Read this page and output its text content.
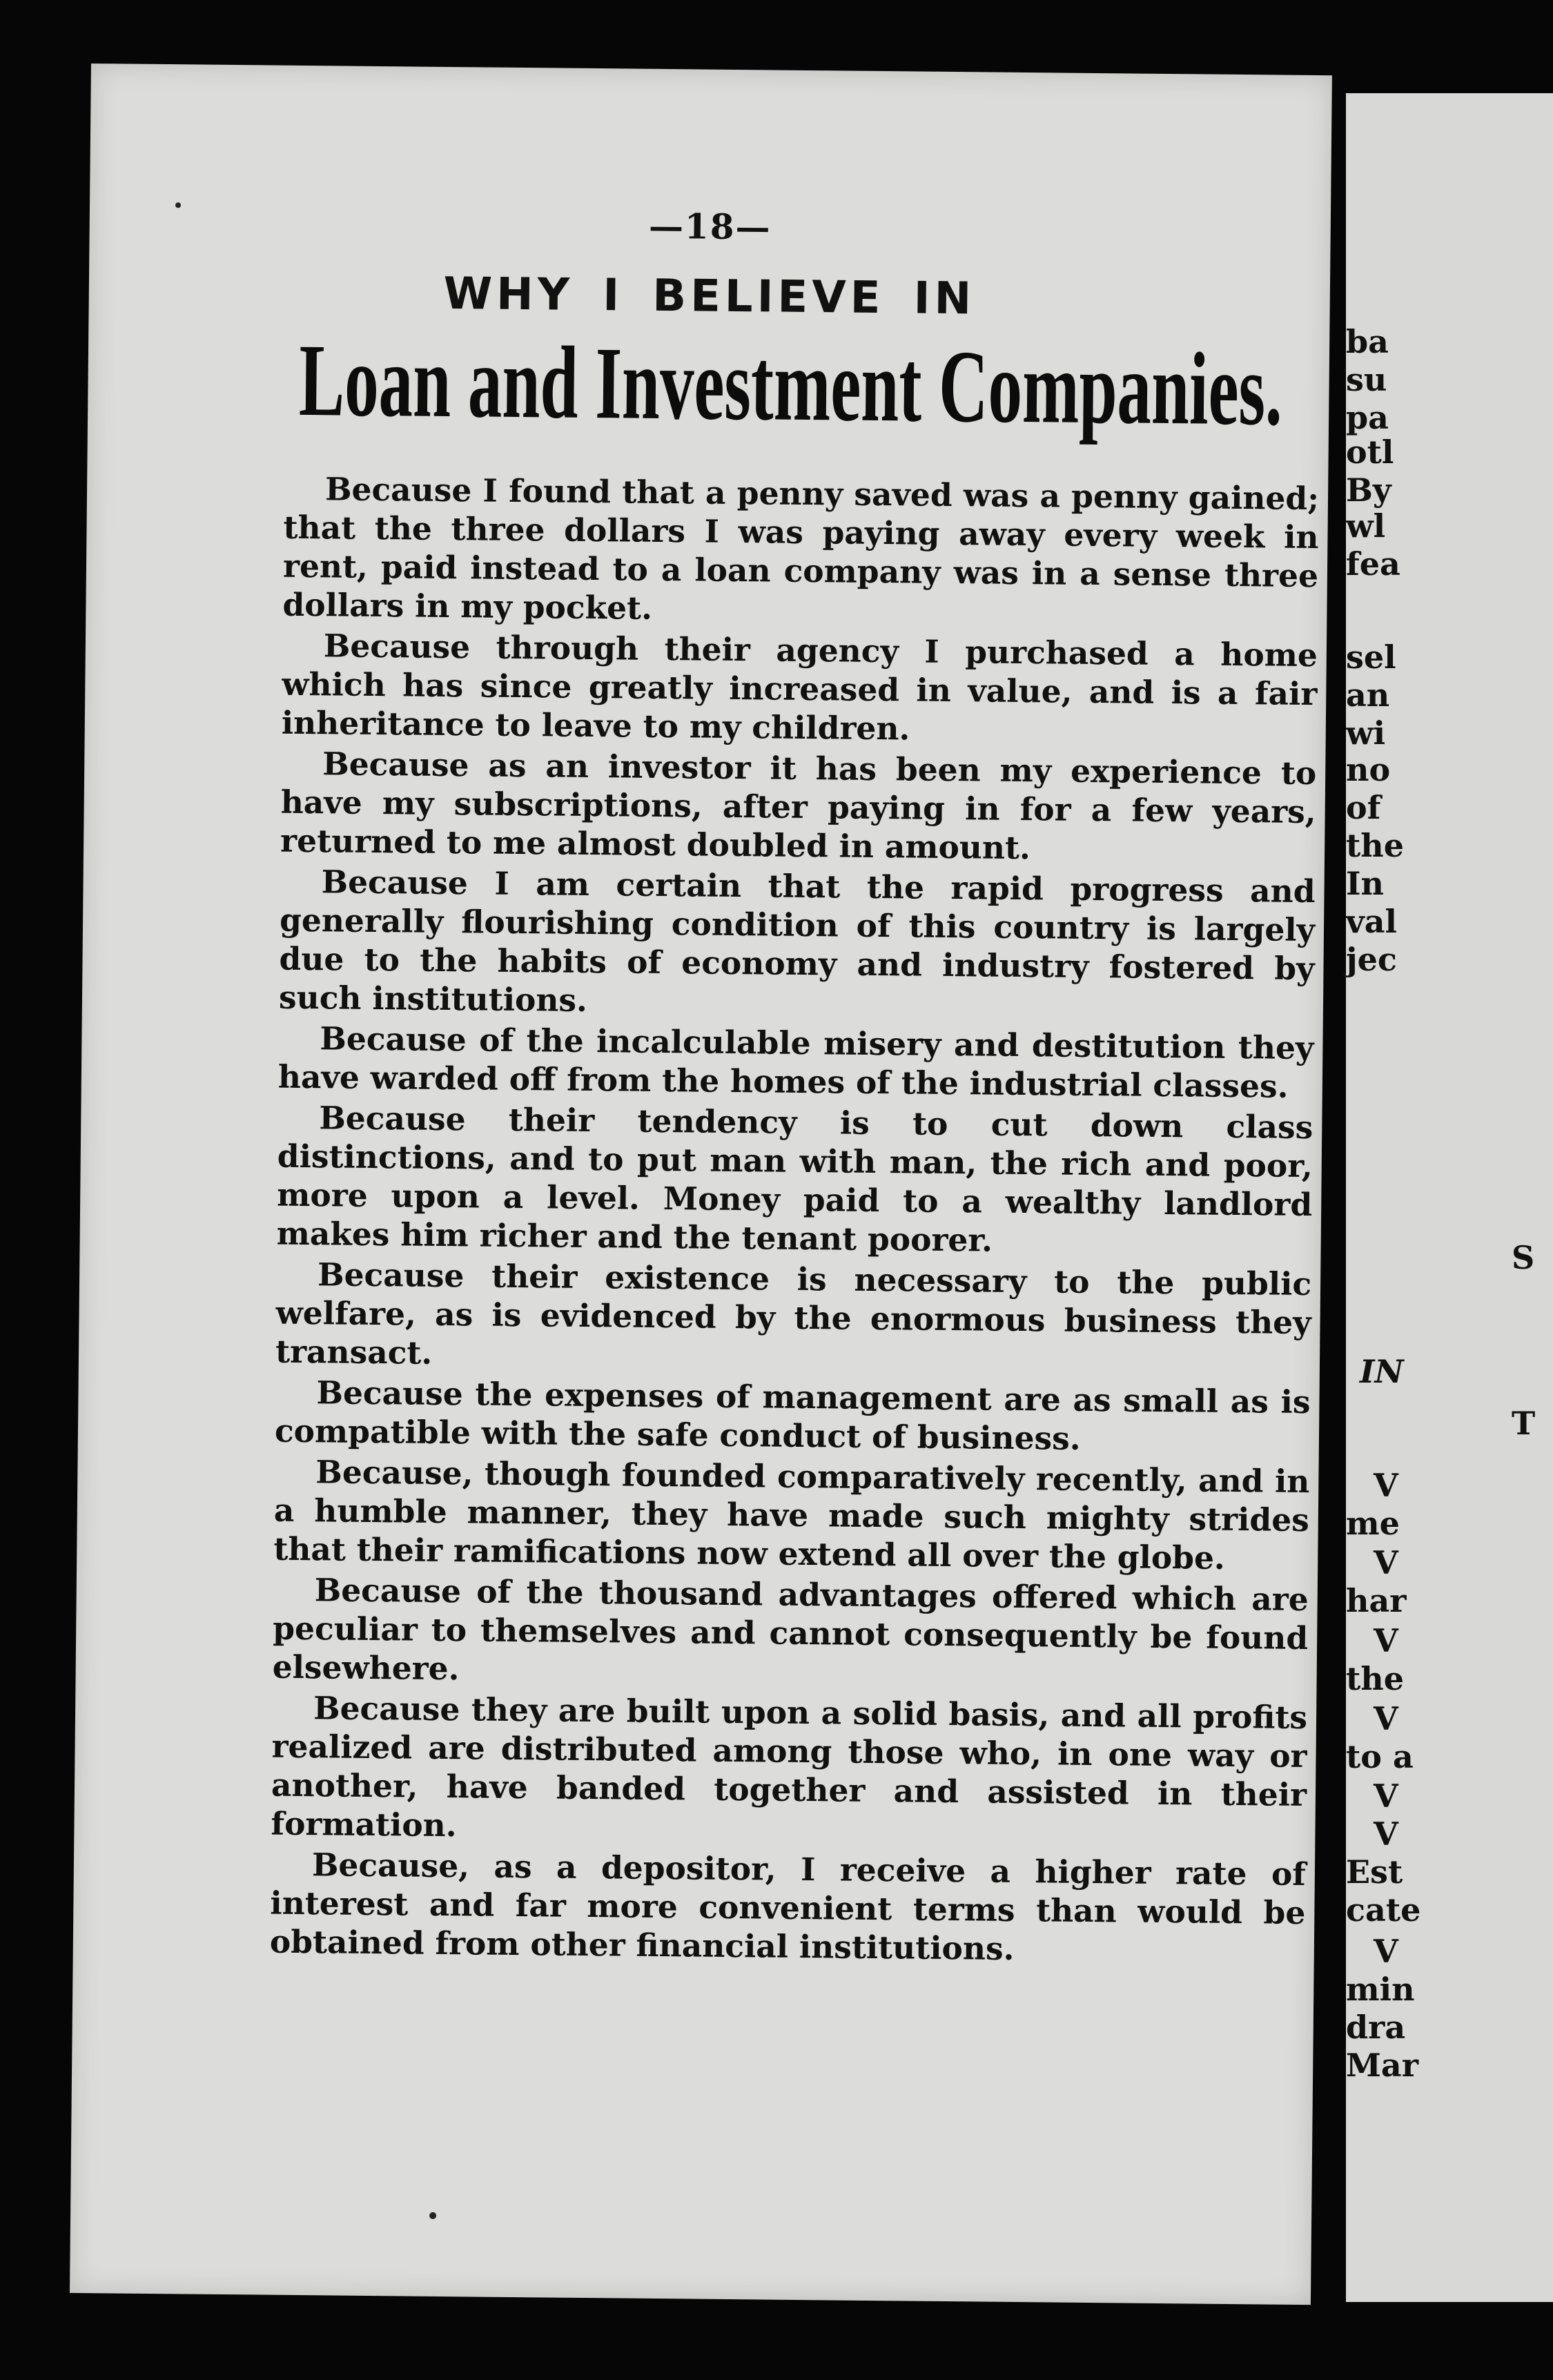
—18—
WHY I BELIEVE IN
Loan and Investment Companies.

Because I found that a penny saved was a penny gained; that the three dollars I was paying away every week in rent, paid instead to a loan company was in a sense three dollars in my pocket.

Because through their agency I purchased a home which has since greatly increased in value, and is a fair inheritance to leave to my children.

Because as an investor it has been my experience to have my subscriptions, after paying in for a few years, returned to me almost doubled in amount.

Because I am certain that the rapid progress and generally flourishing condition of this country is largely due to the habits of economy and industry fostered by such institutions.

Because of the incalculable misery and destitution they have warded off from the homes of the industrial classes.

Because their tendency is to cut down class distinctions, and to put man with man, the rich and poor, more upon a level. Money paid to a wealthy landlord makes him richer and the tenant poorer.

Because their existence is necessary to the public welfare, as is evidenced by the enormous business they transact.

Because the expenses of management are as small as is compatible with the safe conduct of business.

Because, though founded comparatively recently, and in a humble manner, they have made such mighty strides that their ramifications now extend all over the globe.

Because of the thousand advantages offered which are peculiar to themselves and cannot consequently be found elsewhere.

Because they are built upon a solid basis, and all profits realized are distributed among those who, in one way or another, have banded together and assisted in their formation.

Because, as a depositor, I receive a higher rate of interest and far more convenient terms than would be obtained from other financial institutions.

ba
su
pa
otl
By
wl
fea
sel
an
wi
no
of
the
In
val
jec
S
IN
T
V
me
V
har
V
the
V
to a
V
V
Est
cate
V
min
dra
Mar
